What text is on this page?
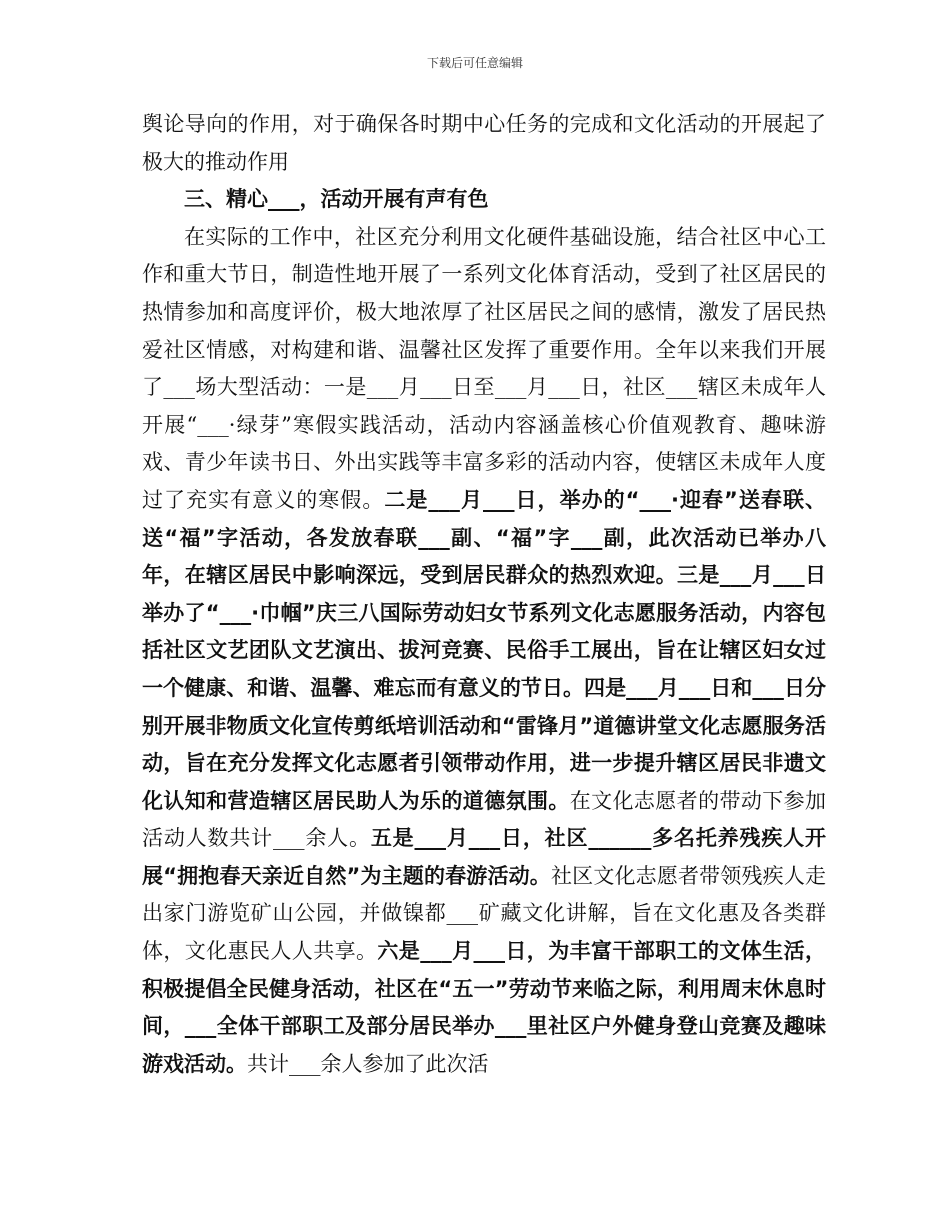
下载后可任意编辑

舆论导向的作用，对于确保各时期中心任务的完成和文化活动的开展起了极大的推动作用

三、精心___，活动开展有声有色

在实际的工作中，社区充分利用文化硬件基础设施，结合社区中心工作和重大节日，制造性地开展了一系列文化体育活动，受到了社区居民的热情参加和高度评价，极大地浓厚了社区居民之间的感情，激发了居民热爱社区情感，对构建和谐、温馨社区发挥了重要作用。全年以来我们开展了___场大型活动：一是___月___日至___月___日，社区___辖区未成年人开展“___·绿芽”寒假实践活动，活动内容涵盖核心价值观教育、趣味游戏、青少年读书日、外出实践等丰富多彩的活动内容，使辖区未成年人度过了充实有意义的寒假。二是___月___日，举办的“___·迎春”送春联、送“福”字活动，各发放春联___副、“福”字___副，此次活动已举办八年，在辖区居民中影响深远，受到居民群众的热烈欢迎。三是___月___日举办了“___·巾帼”庆三八国际劳动妇女节系列文化志愿服务活动，内容包括社区文艺团队文艺演出、拔河竞赛、民俗手工展出，旨在让辖区妇女过一个健康、和谐、温馨、难忘而有意义的节日。四是___月___日和___日分别开展非物质文化宣传剪纸培训活动和“雷锋月”道德讲堂文化志愿服务活动，旨在充分发挥文化志愿者引领带动作用，进一步提升辖区居民非遗文化认知和营造辖区居民助人为乐的道德氛围。在文化志愿者的带动下参加活动人数共计___余人。五是___月___日，社区______多名托养残疾人开展“拥抱春天亲近自然”为主题的春游活动。社区文化志愿者带领残疾人走出家门游览矿山公园，并做镍都___矿藏文化讲解，旨在文化惠及各类群体，文化惠民人人共享。六是___月___日，为丰富干部职工的文体生活，积极提倡全民健身活动，社区在“五一”劳动节来临之际，利用周末休息时间，___全体干部职工及部分居民举办___里社区户外健身登山竞赛及趣味游戏活动。共计___余人参加了此次活
